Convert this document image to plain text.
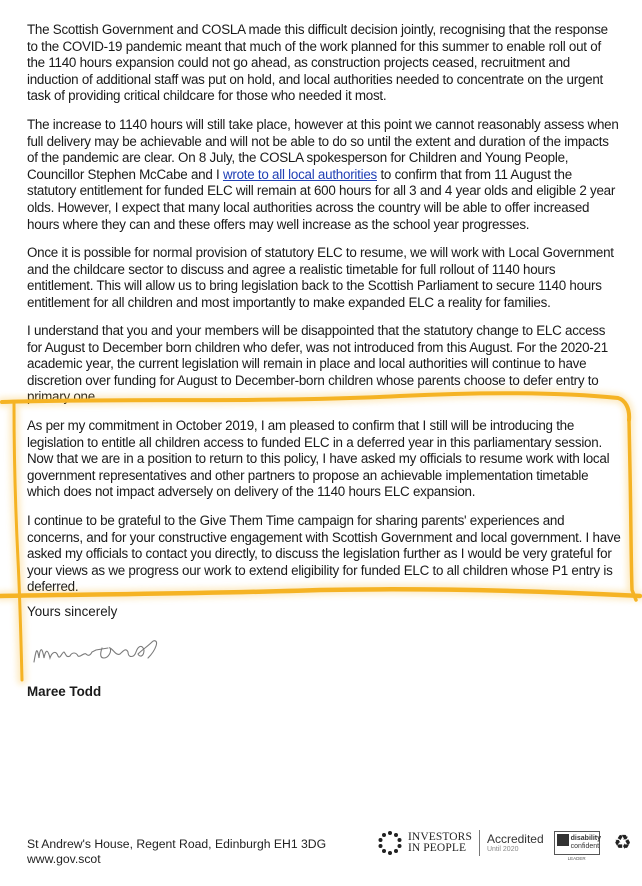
The Scottish Government and COSLA made this difficult decision jointly, recognising that the response to the COVID-19 pandemic meant that much of the work planned for this summer to enable roll out of the 1140 hours expansion could not go ahead, as construction projects ceased, recruitment and induction of additional staff was put on hold, and local authorities needed to concentrate on the urgent task of providing critical childcare for those who needed it most.

The increase to 1140 hours will still take place, however at this point we cannot reasonably assess when full delivery may be achievable and will not be able to do so until the extent and duration of the impacts of the pandemic are clear. On 8 July, the COSLA spokesperson for Children and Young People, Councillor Stephen McCabe and I wrote to all local authorities to confirm that from 11 August the statutory entitlement for funded ELC will remain at 600 hours for all 3 and 4 year olds and eligible 2 year olds. However, I expect that many local authorities across the country will be able to offer increased hours where they can and these offers may well increase as the school year progresses.

Once it is possible for normal provision of statutory ELC to resume, we will work with Local Government and the childcare sector to discuss and agree a realistic timetable for full rollout of 1140 hours entitlement. This will allow us to bring legislation back to the Scottish Parliament to secure 1140 hours entitlement for all children and most importantly to make expanded ELC a reality for families.

I understand that you and your members will be disappointed that the statutory change to ELC access for August to December born children who defer, was not introduced from this August. For the 2020-21 academic year, the current legislation will remain in place and local authorities will continue to have discretion over funding for August to December-born children whose parents choose to defer entry to primary one.

As per my commitment in October 2019, I am pleased to confirm that I still will be introducing the legislation to entitle all children access to funded ELC in a deferred year in this parliamentary session. Now that we are in a position to return to this policy, I have asked my officials to resume work with local government representatives and other partners to propose an achievable implementation timetable which does not impact adversely on delivery of the 1140 hours ELC expansion.

I continue to be grateful to the Give Them Time campaign for sharing parents' experiences and concerns, and for your constructive engagement with Scottish Government and local government. I have asked my officials to contact you directly, to discuss the legislation further as I would be very grateful for your views as we progress our work to extend eligibility for funded ELC to all children whose P1 entry is deferred.

Yours sincerely
Maree Todd
St Andrew's House, Regent Road, Edinburgh EH1 3DG
www.gov.scot
INVESTORS
IN PEOPLE
Accredited
Until 2020
disability
confident
LEADER
♻
